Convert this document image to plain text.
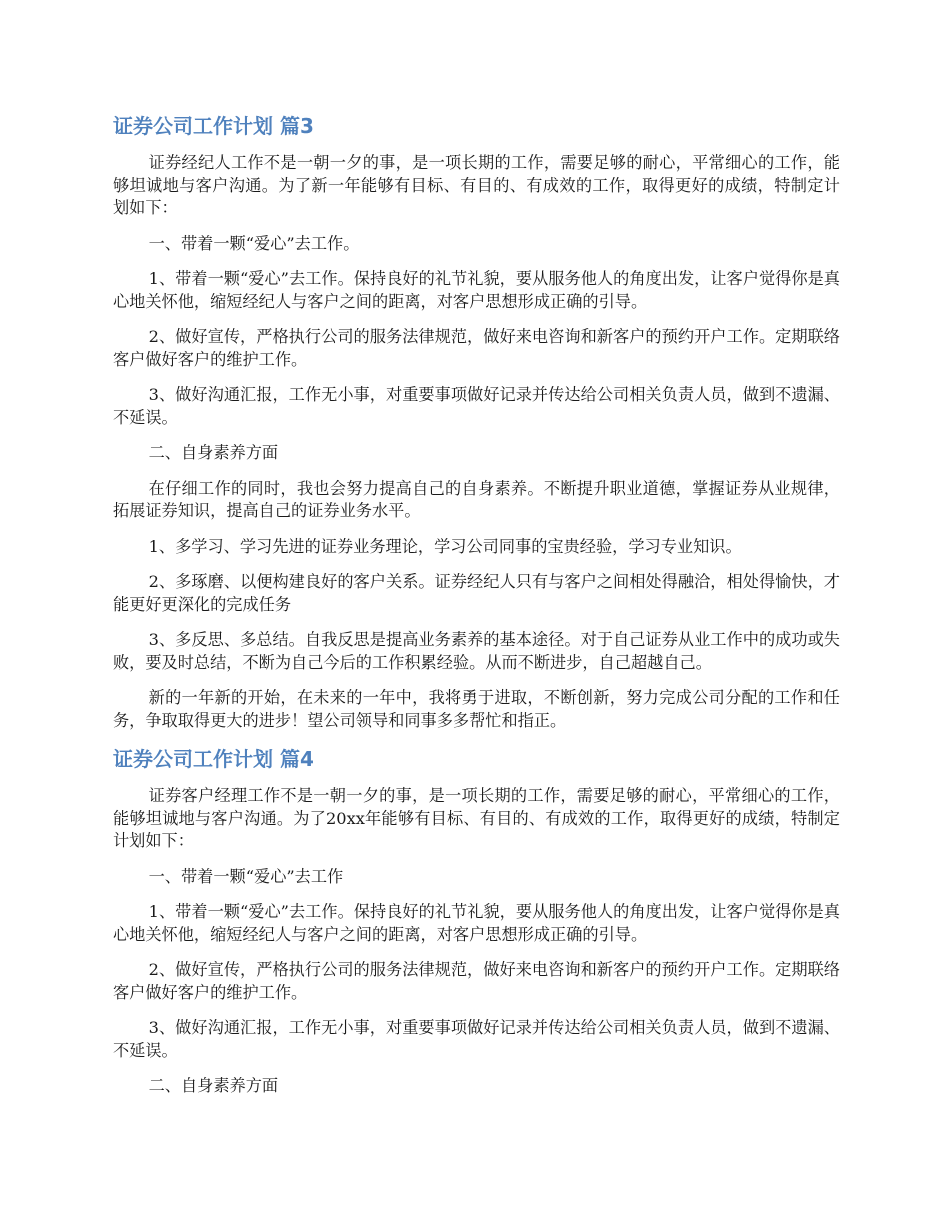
证券公司工作计划 篇3

证券经纪人工作不是一朝一夕的事，是一项长期的工作，需要足够的耐心，平常细心的工作，能够坦诚地与客户沟通。为了新一年能够有目标、有目的、有成效的工作，取得更好的成绩，特制定计划如下：

一、带着一颗“爱心”去工作。

1、带着一颗“爱心”去工作。保持良好的礼节礼貌，要从服务他人的角度出发，让客户觉得你是真心地关怀他，缩短经纪人与客户之间的距离，对客户思想形成正确的引导。

2、做好宣传，严格执行公司的服务法律规范，做好来电咨询和新客户的预约开户工作。定期联络客户做好客户的维护工作。

3、做好沟通汇报，工作无小事，对重要事项做好记录并传达给公司相关负责人员，做到不遗漏、不延误。

二、自身素养方面

在仔细工作的同时，我也会努力提高自己的自身素养。不断提升职业道德，掌握证券从业规律，拓展证券知识，提高自己的证券业务水平。

1、多学习、学习先进的证券业务理论，学习公司同事的宝贵经验，学习专业知识。

2、多琢磨、以便构建良好的客户关系。证券经纪人只有与客户之间相处得融洽，相处得愉快，才能更好更深化的完成任务

3、多反思、多总结。自我反思是提高业务素养的基本途径。对于自己证券从业工作中的成功或失败，要及时总结，不断为自己今后的工作积累经验。从而不断进步，自己超越自己。

新的一年新的开始，在未来的一年中，我将勇于进取，不断创新，努力完成公司分配的工作和任务，争取取得更大的进步！望公司领导和同事多多帮忙和指正。

证券公司工作计划 篇4

证券客户经理工作不是一朝一夕的事，是一项长期的工作，需要足够的耐心，平常细心的工作，能够坦诚地与客户沟通。为了20xx年能够有目标、有目的、有成效的工作，取得更好的成绩，特制定计划如下：

一、带着一颗“爱心”去工作

1、带着一颗“爱心”去工作。保持良好的礼节礼貌，要从服务他人的角度出发，让客户觉得你是真心地关怀他，缩短经纪人与客户之间的距离，对客户思想形成正确的引导。

2、做好宣传，严格执行公司的服务法律规范，做好来电咨询和新客户的预约开户工作。定期联络客户做好客户的维护工作。

3、做好沟通汇报，工作无小事，对重要事项做好记录并传达给公司相关负责人员，做到不遗漏、不延误。

二、自身素养方面
